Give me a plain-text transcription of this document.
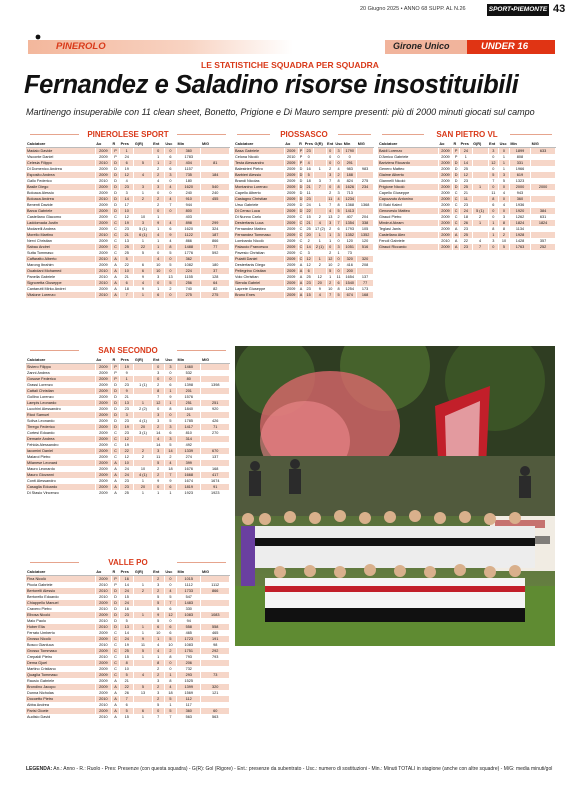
20 Giugno 2025 • ANNO 68 SUPP. AL N.26	SPORT•PIEMONTE 43
PINEROLO	Girone Unico	UNDER 16
LE STATISTICHE SQUADRA PER SQUADRA
Fernandez e Saladino risorse insostituibili
Martinengo insuperabile con 11 clean sheet, Bonetto, Prigione e Di Mauro sempre presenti: più di 2000 minuti giocati sul campo
PINEROLESE SPORT
Calciatore	Ao	R	Pres	G(R)	Ent	Usc	Min	M/G
Madaio Davide	2009	P	1		0	0	360	
Visconte Daniel	2009	P	24		1	6	1783	
Celesia Filippo	2010	D	6	5	1	2	404	81
Di Domenico Andrea	2009	D	19		2	6	1157	
Esposito Andrea	2009	D	12	4	2	3	735	184
Gallo Federico	2010	D	4		4	0	180	
Basile Diego	2009	D	23	3	3	4	1620	540
Boloaca Alessio	2009	D	3	1	0	0	240	240
Boloaca Andrea	2010	D	14	2	2	4	910	455
Benenti Davide	2009	D	17		2	7	944	
Barca Gabriele	2009	D	10		0	0	800	
Castellano Giacomo	2009	C	12	10	1		403	
Laddomada Justin	2009	C	19	3	9	4	898	299
Modarelli Andrea	2009	C	23	5 (1)	1	6	1620	324
Morello Martino	2010	C	21	6 (1)	4	9	1122	187
Nervi Christian	2009	C	13	1	1	4	866	866
Sabau Andrei	2009	C	25	22	1	8	1488	77
Sutta Tommaso	2009	C	25	5	0	5	1776	592
Caffaratto Alberto	2010	A	5		4	0	362	
Marong Ibrahim	2009	A	22	6	10	5	1082	180
Ouabdani Mohamed	2010	A	10	6	10	0	224	37
Panella Gabriele	2010	A	21	9	3	13	1155	128
Signoretta Giuseppe	2010	A	6	4	0	5	256	64
Cantarutti Mirko Andrei	2009	A	18	9	1	2	740	82
Vitalone Lorenzo	2010	A	7	1	6	0	275	275
PIOSSASCO
Calciatore	Ao	R	Pres	G(R)	Ent	Usc	Min	M/G
Basa Gabriele	2009	P	23		0	3	1790	
Celona Nicolò	2010	P	0		0	0	0	
Testa Alessandro	2009	P	4		0	0	291	
Balestrieri Pietro	2009	D	16	1	2	4	983	983
Barbieri Alessio	2009	D	5		3	2	188	
Brandi Nicolas	2009	D	18	3	7	8	824	275
Montanino Lorenzo	2009	D	21	7	0	8	1626	234
Capello Alberto	2009	D	11		2	3	713	
Castagno Christian	2009	D	23		11	4	1234	
Urso Gabriele	2009	D	24	1	7	8	1368	1368
Di Censo Luca	2009	D	22		4	5	1413	
Di Nunno Carlo	2009	C	15	2	13	2	407	204
Desterfanis Luca	2009	C	21	4	3	7	1354	338
Fernandez Matteo	2009	C	25	17 (2)	2	6	1793	105
Fernandez Tommaso	2009	C	20	1	1	3	1352	1352
Lombardo Nicolò	2009	C	2	1	1	0	120	120
Palaccio Francesco	2009	C	14	2 (1)	0	3	1051	516
Pavesio Christian	2009	C	3		2	1	73	
Puiatti Daniel	2009	C	12	1	12	0	320	320
Desterfanis Diego	2009	A	12	2	10	2	416	208
Pellegrino Cristian	2009	A	6		5	0	200	
Volo Christian	2009	A	25	12	1	11	1654	137
Slenda Gabriel	2009	A	23	20	2	6	1540	77
Laprete Giuseppe	2009	A	23	9	10	8	1254	173
Bruno Enes	2009	A	15	4	7	5	674	168
SAN PIETRO VL
Calciatore	Ao	R	Pres	G(R)	Ent	Usc	Min	M/G
Baldi Lorenzo	2009	P	24		3	0	1899	633
D'Amico Gabriele	2009	P	1		0	1	808	
Bariviera Riccardo	2009	D	14		12	1	331	
Genero Matteo	2009	D	25		0	1	1966	
Giaime Alberto	2009	D	12		5	3	619	
Giannelli Nicolò	2009	D	23		7	5	1323	
Prigione Nicolò	2009	D	25	1	0	0	2000	2000
Capello Giuseppe	2009	C	21		11	4	943	
Capozzuto Antonino	2009	C	11		8	0	360	
El Baki Kaled	2009	C	23		6	4	1936	
Genovesio Matteo	2009	C	24	5 (1)	0	0	1920	384
Giraud Pietro	2009	C	18	2	0	3	1262	631
Mindrut Akram	2009	C	26	1	1	8	1824	1824
Teglasi Janis	2009	A	23		8	8	1134	
Castellano Alex	2009	A	25		1	2	1928	
Fenoli Gabriele	2010	A	22	4	3	10	1428	357
Giraud Riccardo	2009	A	23	7	0	5	1763	252
SAN SECONDO
Calciatore	Ao	R	Pres	G(R)	Ent	Usc	Min	M/G
Siviero Filippo	2009	P	19		0	3	1460	
Zanni Andrea	2009	P	9		3	0	532	
Gosuse Federico	2009	P	1		0	0	80	
Grassi Lorenzo	2009	D	23	1 (1)	2	6	1398	1398
Cattali Christian	2009	D	9		8	1	201	
Gollino Lorenzo	2009	D	21		7	9	1576	
Lampis Leonardo	2009	D	13	1	12	1	251	251
Lucchini Alessandro	2009	D	23	2 (2)	0	8	1840	920
Ricci Samuel	2009	D	3		3	0	21	
Soliva Leonardo	2009	D	23	4 (1)	3	5	1785	426
Tirrego Federico	2009	D	19	20	2	3	1417	71
Cortesi Edoardo	2009	C	23	3 (1)	14	6	810	270
Demarie Andrea	2009	C	12		4	3	314	
Fehida Alessandro	2009	C	19		14	5	492	
Iacomini Daniel	2009	C	22	2	3	14	1339	670
Malaroi Pietro	2009	C	12	2	11	2	274	137
Milanese Leonard	2009	A	10		5	4	399	
Mauro Leonardo	2009	A	24	10	2	18	1676	168
Mauro Giovanni	2009	A	24	4 (1)	2	7	1668	417
Conti Alessandro	2009	A	23	1	9	9	1674	1674
Casaglia Edoardo	2009	A	23	20	0	6	1819	91
Di Stasio Vincenzo	2009	A	25	1	1	1	1923	1923
VALLE PO
Calciatore	Ao	R	Pres	G(R)	Ent	Usc	Min	M/G
Fina Nicolò	2009	P	16		2	0	1015	
Piccia Gabriele	2010	P	14	1	3	0	1112	1112
Bertorelli Alessio	2010	D	24	2	2	4	1733	866
Bertorello Edoardo	2010	D	15		5	5	547	
Chiappello Manuel	2009	D	24		5	7	1483	
Cravero Pietro	2010	D	16		5	6	330	
Elbosa Nicolò	2009	D	23	1	9	12	1083	1083
Maio Paolo	2010	D	5		5	0	94	
Huber Elia	2010	D	13	1	6	6	558	558
Ferrato Umberto	2009	C	14	1	10	6	465	465
Grosso Nicolò	2009	C	24	9	1	5	1723	191
Bosco Gianluca	2010	C	19	11	4	10	1083	98
Grosso Tommaso	2009	C	25	5	4	2	1751	292
Crepaldi Pietro	2010	C	15	1	1	8	793	793
Dema Gjoel	2009	C	8		8	0	206	
Martino Cristiano	2009	C	10		2	0	732	
Quaglia Tommaso	2009	C	5	4	2	1	293	73
Rausio Gabriele	2009	A	21		3	8	1525	
Brondino Jacopo	2009	A	22	5	2	4	1399	320
Dunna Nicholas	2009	A	26	13	3	18	1569	121
Docoetto Pietro	2010	A	7		2	5	112	
Abba Andrea	2010	A	6		5	1	117	
Parisi Gioele	2009	A	5	6	0	5	360	60
Audisio David	2010	A	15	1	7	7	563	563
LEGENDA: An.: Anno - R.: Ruolo - Pres: Presenze (con questa squadra) - G(R): Gol (Rigore) - Ent.: presenze da subentrato - Usc.: numero di sostituzioni - Min.: Minuti TOTALI in stagione (anche con altre squadre) - M/G: media minuti/gol
